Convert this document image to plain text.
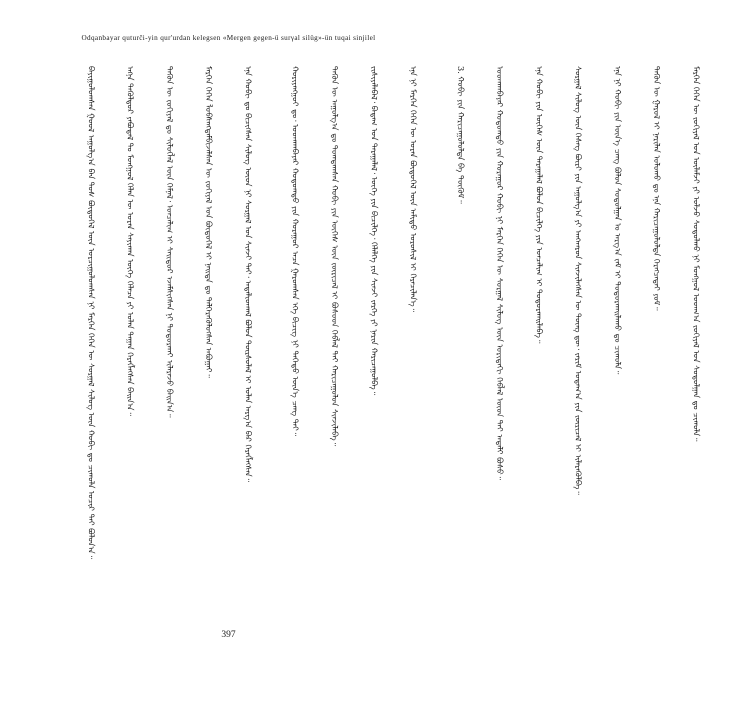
Odqanbayar quturči-yin qur'urdan kelegsen «Mergen gegen-ü surγal silüg»-ün tuqai sinjilel

ᠪᠠᠶᠢᠭᠤᠯᠤᠭᠰᠠᠨ ᠭᠣᠣᠯ ᠠᠭᠤᠯᠭ᠎ᠠ ᠪᠡᠨ ᠲᠤᠰ ᠪᠦᠲᠦᠭᠡᠯ ᠦᠨ ᠣᠷᠴᠢᠭᠤᠯᠤᠭᠰᠠᠨ ᠨᠢ ᠮᠡᠷᠭᠡᠨ ᠭᠡᠭᠡᠨ ᠦ ᠰᠤᠷᠭᠠᠯ ᠰᠢᠯᠦᠭ ᠦᠨ ᠬᠤᠪᠢ ᠳᠤ ᠴᠢᠬᠤᠯᠠ ᠤᠴᠢᠷ ᠲᠠᠢ ᠪᠣᠯᠤᠨ᠎ᠠ᠃

	ᠡᠩᠨᠡ ᠲᠡᠭᠦᠯᠳᠦᠷ ᠶᠠᠪᠤᠳᠠᠯ ᠲᠤ ᠮᠣᠩᠭᠣᠯ ᠬᠡᠯᠡᠨ ᠦ ᠤᠷᠠᠨ ᠰᠠᠶᠢᠬᠠᠨ ᠦᠭᠡ ᠬᠡᠯᠡᠴᠡ ᠶᠢ ᠣᠯᠠᠨ ᠲᠠᠭᠠᠨ ᠬᠡᠷᠡᠭᠯᠡᠭᠰᠡᠨ ᠪᠠᠢᠨ᠎ᠠ᠃

	ᠲᠡᠭᠦᠨ ᠦ ᠵᠣᠬᠢᠶᠠᠯ ᠳᠤ ᠰᠢᠯᠦᠭᠯᠡᠯ ᠦᠨ ᠬᠡᠮᠨᠡᠯ᠂ ᠣᠨᠴᠠᠯᠢᠭ ᠢ ᠰᠠᠢᠳᠤᠷ ᠡᠵᠡᠮᠰᠢᠭᠰᠡᠨ ᠨᠢ ᠲᠣᠳᠣᠷᠬᠠᠢ ᠢᠯᠡᠷᠡᠵᠦ ᠪᠠᠢᠨ᠎ᠠ᠃

	ᠮᠡᠷᠭᠡᠨ ᠭᠡᠭᠡᠨ ᠯᠤᠪᠰᠠᠩᠳᠠᠮᠪᠢᠵᠠᠯᠰᠠᠨ ᠦ ᠵᠣᠬᠢᠶᠠᠯ ᠤᠨ ᠪᠦᠲᠦᠭᠡᠯ ᠢ ᠨᠡᠢᠲᠡ ᠳᠤ ᠳᠡᠯᠭᠡᠷᠡᠭᠦᠯᠦᠭᠰᠡᠨ ᠠᠪᠤᠭᠠᠢ᠃

	ᠡᠨᠡ ᠬᠤᠪᠢ ᠳᠤ ᠪᠢᠴᠢᠭᠰᠡᠨ ᠰᠢᠯᠦᠭ ᠦᠳ ᠨᠢ ᠰᠤᠷᠭᠠᠯ ᠤᠨ ᠰᠢᠨᠵᠢ ᠲᠠᠢ᠂ ᠠᠳᠠᠯᠢᠳᠬᠠᠯ ᠪᠣᠯᠤᠨ ᠳᠦᠷᠰᠦᠯᠡᠯ ᠢ ᠣᠯᠠᠨ ᠠᠷᠭ᠎ᠠ ᠪᠠᠷ ᠬᠡᠷᠡᠭᠯᠡᠭᠰᠡᠨ᠃

	ᠬᠤᠷᠢᠶᠠᠩᠭᠤᠢ ᠳᠤ᠂ ᠣᠳᠬᠠᠨᠪᠠᠶᠠᠷ ᠬᠤᠲᠤᠭᠲᠤ ᠶᠢᠨ ᠬᠤᠷᠠᠭᠤᠷ ᠠᠴᠠ ᠭᠠᠷᠤᠭᠰᠠᠨ ᠡᠬᠡ ᠪᠢᠴᠢᠭ ᠨᠢ ᠳᠡᠭᠡᠳᠦ ᠦᠨ᠎ᠡ ᠴᠡᠨᠭ ᠲᠠᠢ᠃

	ᠲᠡᠭᠦᠨ ᠦ ᠠᠭᠤᠯᠭ᠎ᠠ ᠳᠤ ᠲᠣᠭᠲᠠᠭᠰᠠᠨ ᠬᠤᠪᠢ ᠶᠢᠨ ᠦᠭᠡᠰ ᠦᠨ ᠵᠥᠷᠢᠴᠡᠯ ᠢ ᠪᠤᠰᠤᠳ ᠬᠡᠪᠯᠡᠯ ᠲᠡᠢ ᠬᠠᠷᠢᠴᠠᠭᠤᠯᠤᠨ ᠰᠢᠨᠵᠢᠯᠡᠪᠡ᠃

	ᠵᠢᠱᠢᠶᠡᠯᠡᠪᠡᠯ᠂ ᠪᠠᠳᠠᠭ ᠤᠨ ᠳᠠᠷᠠᠭᠠᠯᠠᠯ᠂ ᠦᠭᠡ ᠶᠢᠨ ᠪᠢᠴᠢᠯᠭᠡ᠂ ᠬᠡᠯᠡᠯᠭᠡ ᠶᠢᠨ ᠰᠢᠨᠵᠢ ᠵᠡᠷᠭᠡ ᠶᠢ ᠨᠠᠷᠢᠨ ᠬᠠᠷᠢᠴᠠᠭᠤᠯᠪᠠ᠃

	ᠡᠨᠡ ᠨᠢ ᠮᠡᠷᠭᠡᠨ ᠭᠡᠭᠡᠨ ᠦ ᠤᠷᠠᠨ ᠪᠦᠲᠦᠭᠡᠯ ᠦᠨ ᠠᠮᠢᠳᠤ ᠣᠷᠣᠰᠢᠯ ᠢ ᠭᠡᠷᠡᠴᠢᠯᠡᠨ᠎ᠡ᠃

	3. ᠬᠤᠪᠢ ᠶᠢᠨ ᠬᠠᠷᠢᠴᠠᠭᠤᠯᠤᠯᠲᠠ ᠪᠠ ᠳᠦᠭᠦᠮ᠃

	ᠣᠳᠬᠠᠨᠪᠠᠶᠠᠷ ᠬᠤᠲᠤᠭᠲᠤ ᠶᠢᠨ ᠬᠤᠷᠠᠭᠤᠷ ᠬᠤᠪᠢ ᠨᠢ ᠮᠡᠷᠭᠡᠨ ᠭᠡᠭᠡᠨ ᠦ ᠰᠤᠷᠭᠠᠯ ᠰᠢᠯᠦᠭ ᠦᠨ ᠤᠷᠢᠳᠠᠬᠢ ᠬᠡᠪᠯᠡᠯ ᠦᠳ ᠲᠡᠢ ᠠᠳᠠᠯᠢ ᠪᠤᠰᠤ᠃

	ᠡᠨᠡ ᠬᠤᠪᠢ ᠶᠢᠨ ᠦᠭᠡᠰ ᠦᠨ ᠳᠠᠷᠠᠭᠠᠯᠠᠯ ᠪᠣᠯᠤᠨ ᠪᠢᠴᠢᠯᠭᠡ ᠶᠢᠨ ᠣᠨᠴᠠᠯᠢᠭ ᠢ ᠲᠣᠳᠣᠷᠬᠠᠢᠯᠠᠪᠠ᠃

	ᠰᠤᠷᠭᠠᠯ ᠰᠢᠯᠦᠭ ᠦᠨ ᠬᠡᠰᠡᠭ ᠪᠦᠷᠢ ᠶᠢᠨ ᠠᠭᠤᠯᠭ᠎ᠠ ᠶᠢ ᠠᠩᠬᠠᠷᠤᠨ ᠰᠢᠨᠵᠢᠯᠡᠭᠰᠡᠨ ᠦ ᠳᠦᠩ ᠳᠦ᠂ ᠵᠠᠷᠢᠮ ᠤᠳᠠᠭ᠎ᠠ ᠶᠢᠨ ᠵᠥᠷᠢᠴᠡᠯ ᠢ ᠢᠯᠡᠷᠡᠭᠦᠯᠪᠡ᠃

	ᠡᠨᠡ ᠨᠢ ᠬᠤᠪᠢ ᠶᠢᠨ ᠦᠨ᠎ᠡ ᠴᠡᠨᠭ ᠪᠣᠯᠤᠨ ᠰᠤᠳᠤᠯᠭᠠᠨ ᠤ ᠠᠷᠭ᠎ᠠ ᠵᠠᠮ ᠢ ᠲᠣᠳᠤᠷᠬᠠᠢᠯᠠᠬᠤ ᠳᠤ ᠴᠢᠬᠤᠯᠠ᠃

	ᠲᠡᠭᠦᠨ ᠦ ᠭᠠᠷᠤᠯ ᠢ ᠨᠠᠷᠢᠯᠠᠨ ᠤᠯᠤᠬᠤ ᠳᠤ ᠡᠨᠡ ᠬᠠᠷᠢᠴᠠᠭᠤᠯᠤᠯᠲᠠ ᠬᠡᠷᠡᠭᠴᠡᠲᠡᠢ ᠶᠤᠮ᠃

	ᠮᠡᠷᠭᠡᠨ ᠭᠡᠭᠡᠨ ᠦ ᠵᠣᠬᠢᠶᠠᠯ ᠤᠨ ᠦᠯᠡᠮᠵᠢ ᠶᠢ ᠣᠯᠵᠤ ᠰᠣᠳᠤᠯᠬᠤ ᠨᠢ ᠮᠣᠩᠭᠣᠯ ᠤᠳᠬ᠎ᠠ ᠵᠣᠬᠢᠶᠠᠯ ᠤᠨ ᠰᠣᠳᠤᠯᠭᠠᠨ ᠳᠤ ᠴᠢᠬᠤᠯᠠ᠃

397
